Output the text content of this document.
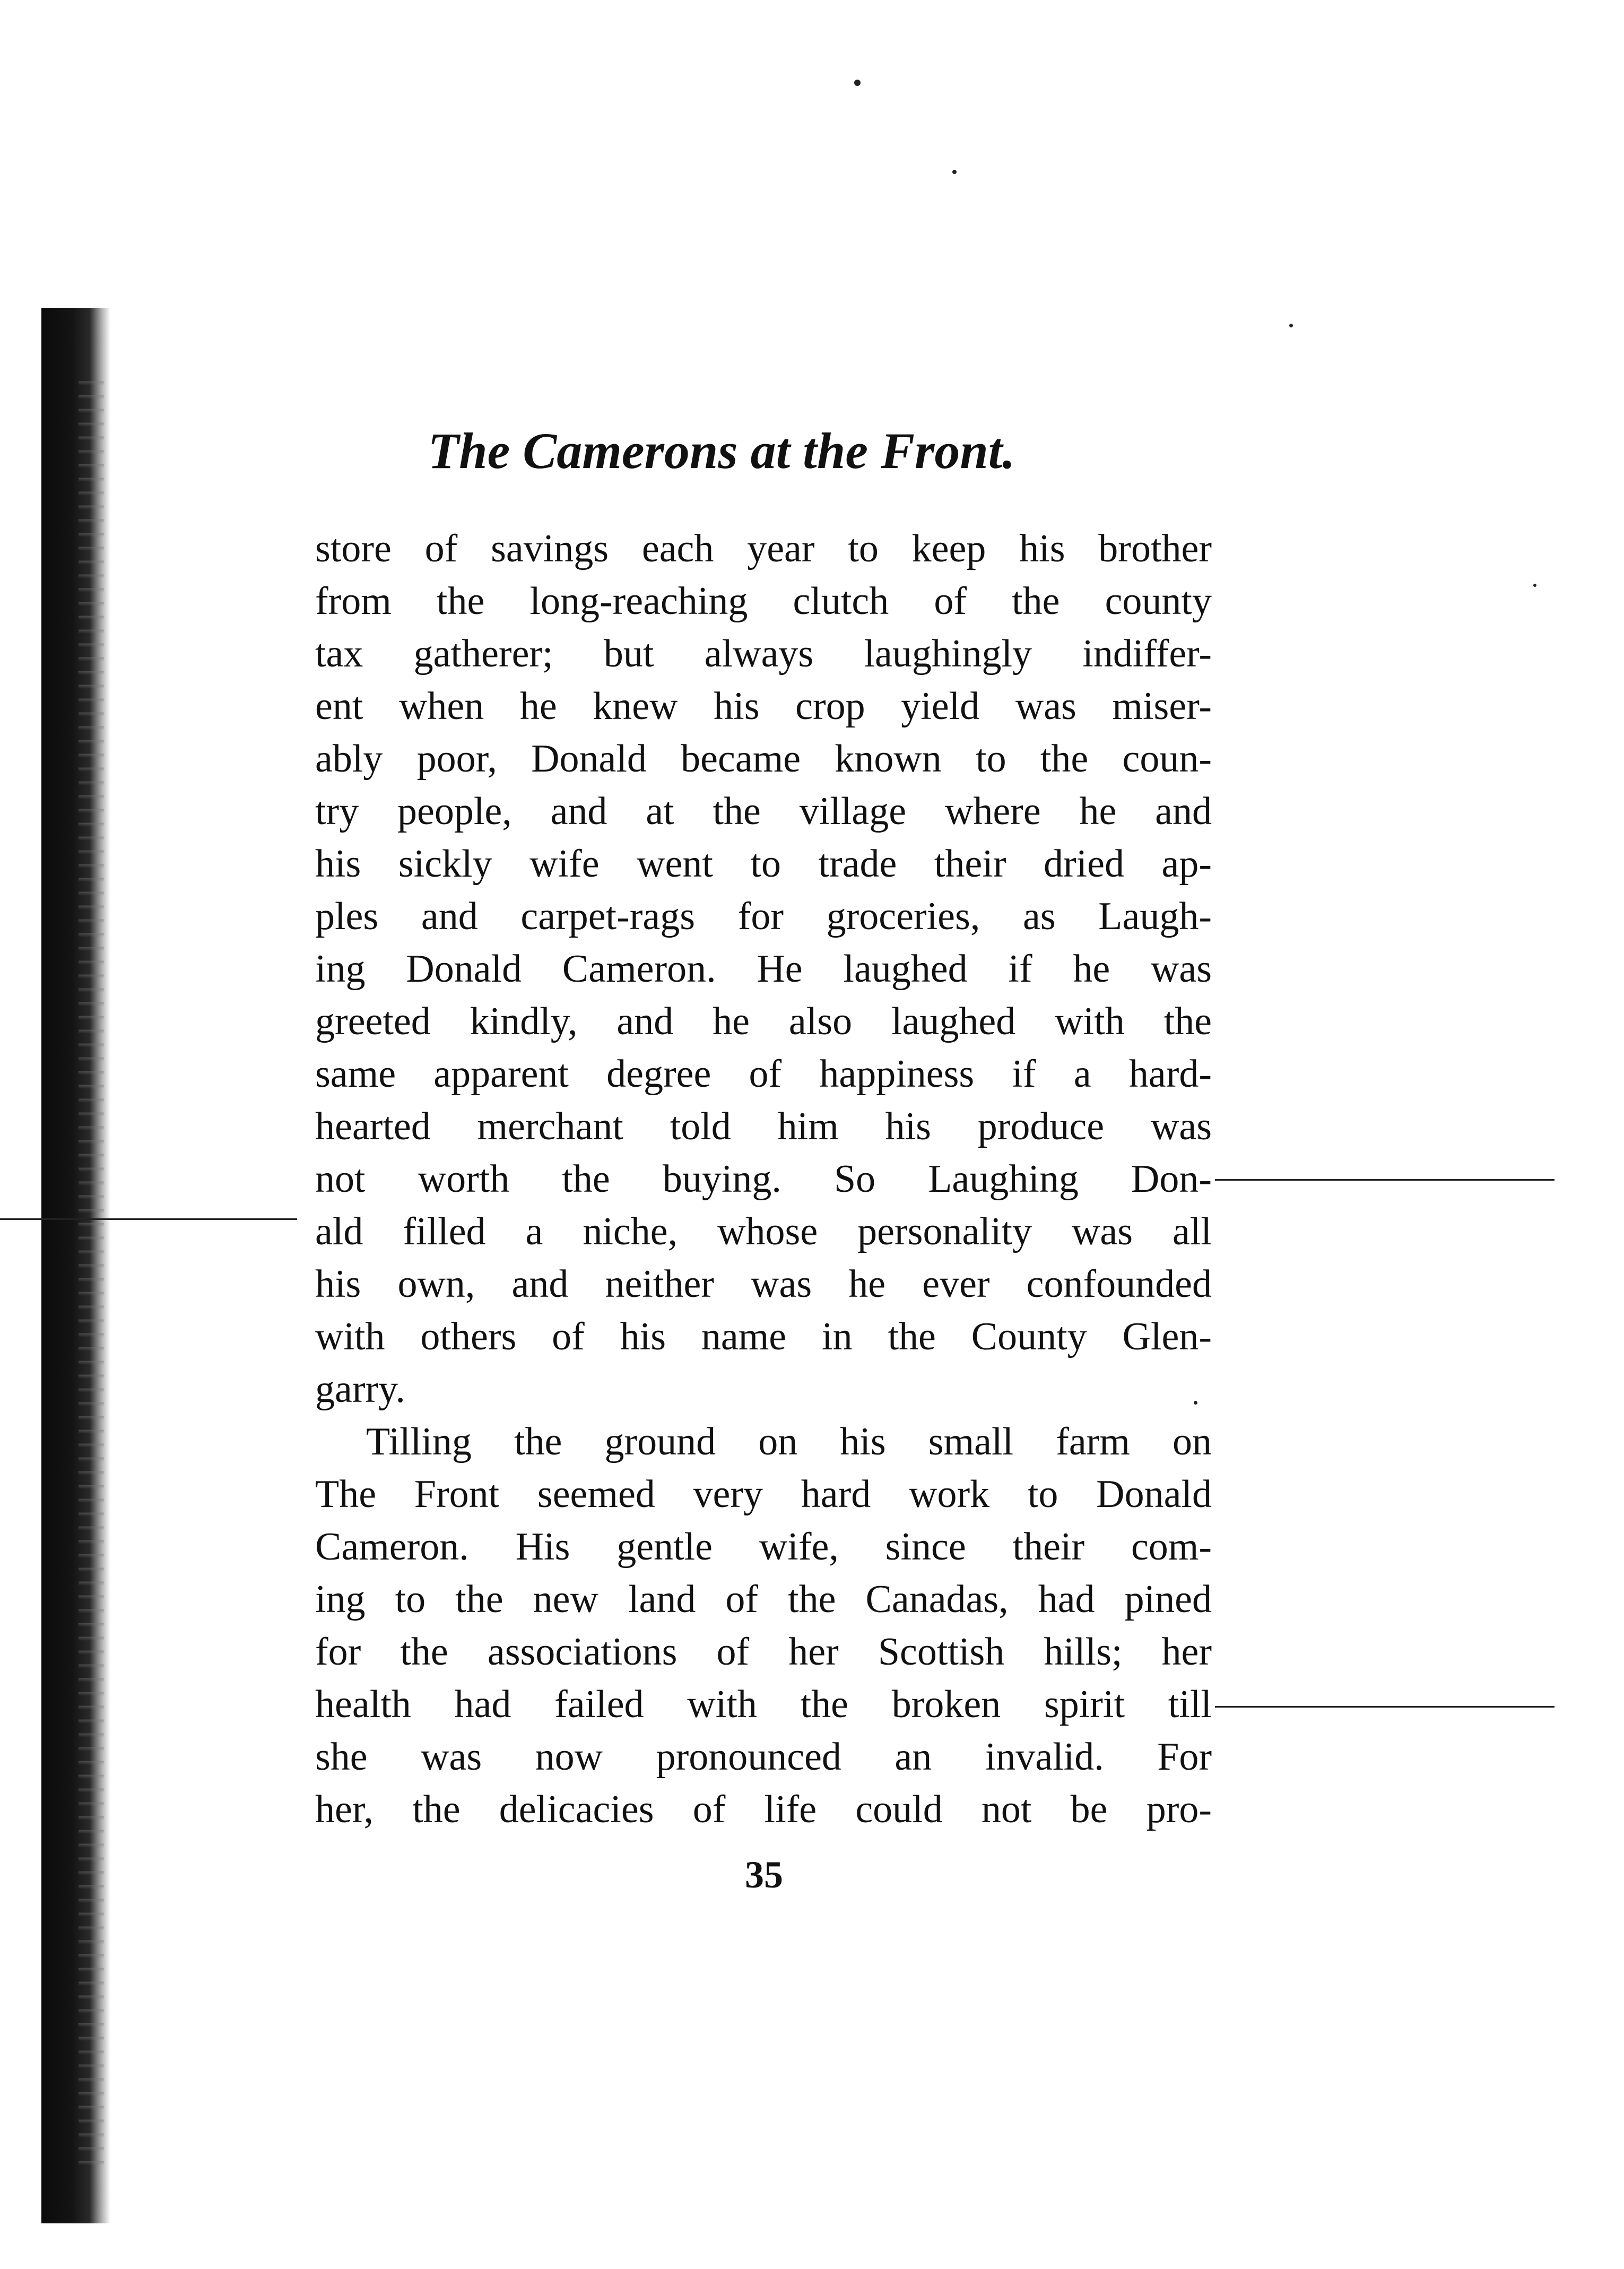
The Camerons at the Front.
store of savings each year to keep his brother
from the long-reaching clutch of the county
tax gatherer; but always laughingly indiffer-
ent when he knew his crop yield was miser-
ably poor, Donald became known to the coun-
try people, and at the village where he and
his sickly wife went to trade their dried ap-
ples and carpet-rags for groceries, as Laugh-
ing Donald Cameron. He laughed if he was
greeted kindly, and he also laughed with the
same apparent degree of happiness if a hard-
hearted merchant told him his produce was
not worth the buying. So Laughing Don-
ald filled a niche, whose personality was all
his own, and neither was he ever confounded
with others of his name in the County Glen-
garry.
Tilling the ground on his small farm on
The Front seemed very hard work to Donald
Cameron. His gentle wife, since their com-
ing to the new land of the Canadas, had pined
for the associations of her Scottish hills; her
health had failed with the broken spirit till
she was now pronounced an invalid. For
her, the delicacies of life could not be pro-
35
